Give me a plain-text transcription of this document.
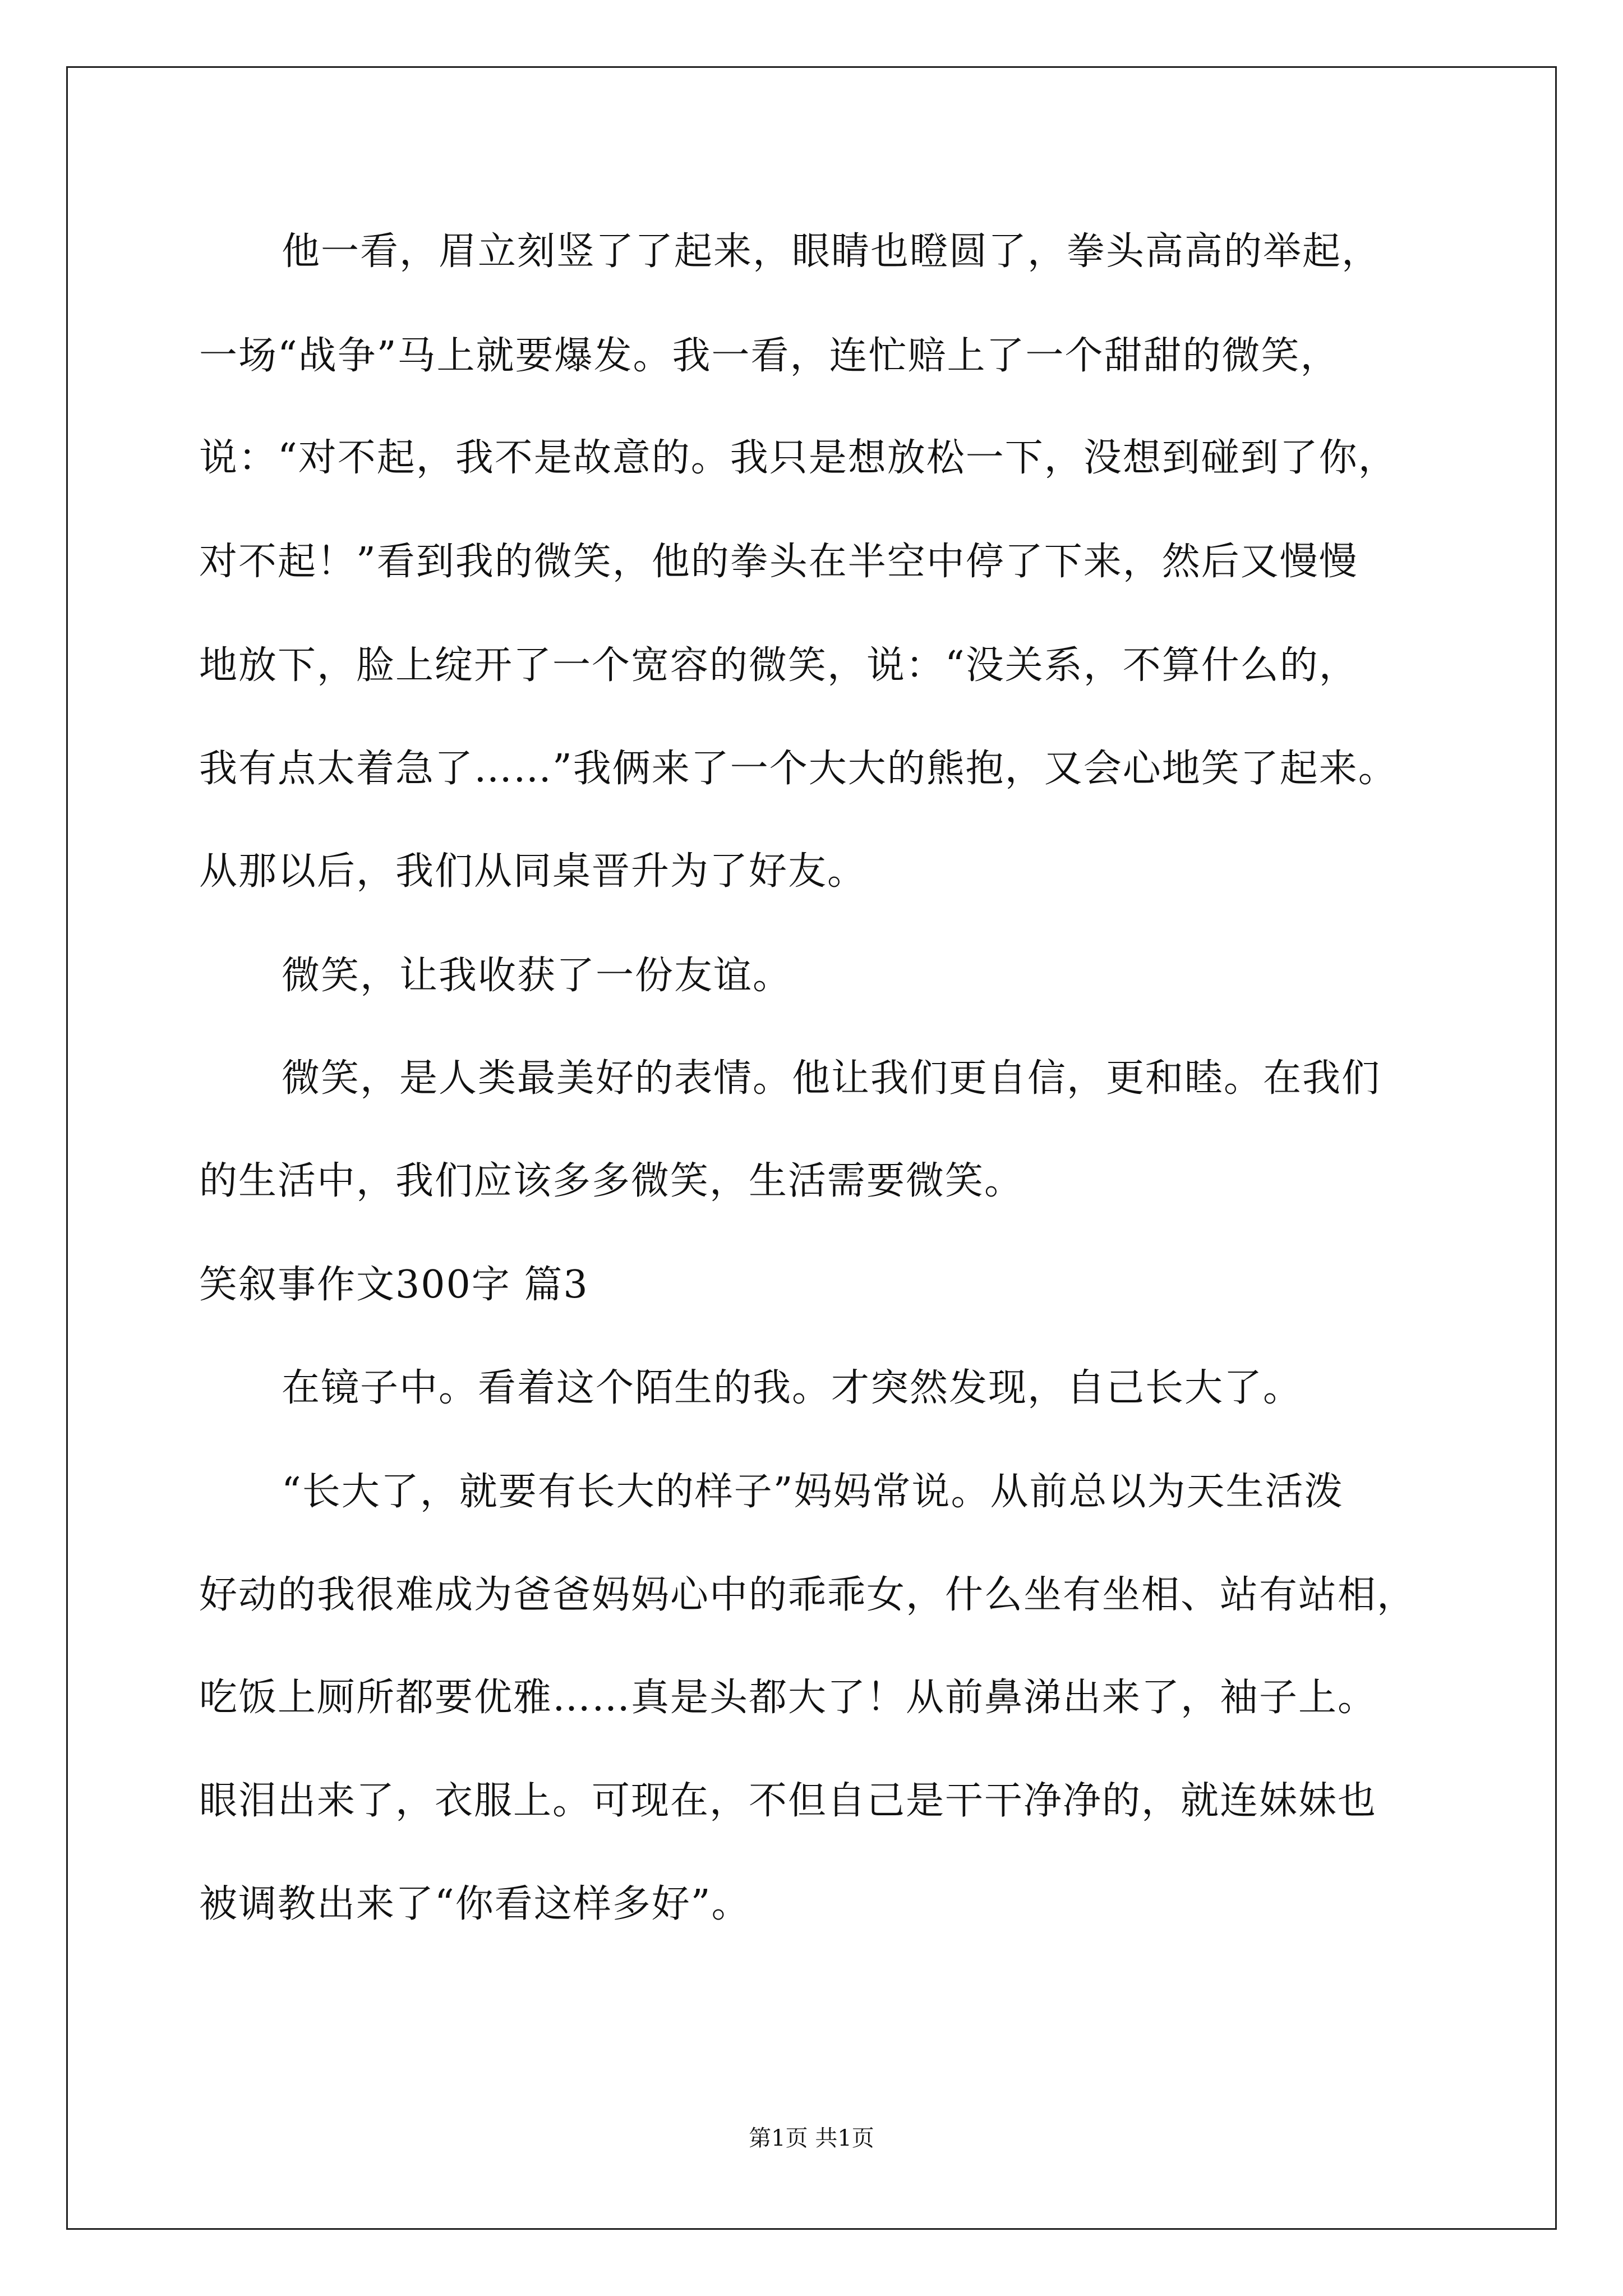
他一看，眉立刻竖了了起来，眼睛也瞪圆了，拳头高高的举起，
一场“战争”马上就要爆发。我一看，连忙赔上了一个甜甜的微笑，
说：“对不起，我不是故意的。我只是想放松一下，没想到碰到了你，
对不起！”看到我的微笑，他的拳头在半空中停了下来，然后又慢慢
地放下，脸上绽开了一个宽容的微笑，说：“没关系，不算什么的，
我有点太着急了……”我俩来了一个大大的熊抱，又会心地笑了起来。
从那以后，我们从同桌晋升为了好友。
微笑，让我收获了一份友谊。
微笑，是人类最美好的表情。他让我们更自信，更和睦。在我们
的生活中，我们应该多多微笑，生活需要微笑。
笑叙事作文300字 篇3
在镜子中。看着这个陌生的我。才突然发现，自己长大了。
“长大了，就要有长大的样子”妈妈常说。从前总以为天生活泼
好动的我很难成为爸爸妈妈心中的乖乖女，什么坐有坐相、站有站相，
吃饭上厕所都要优雅……真是头都大了！从前鼻涕出来了，袖子上。
眼泪出来了，衣服上。可现在，不但自己是干干净净的，就连妹妹也
被调教出来了“你看这样多好”。
第1页 共1页
